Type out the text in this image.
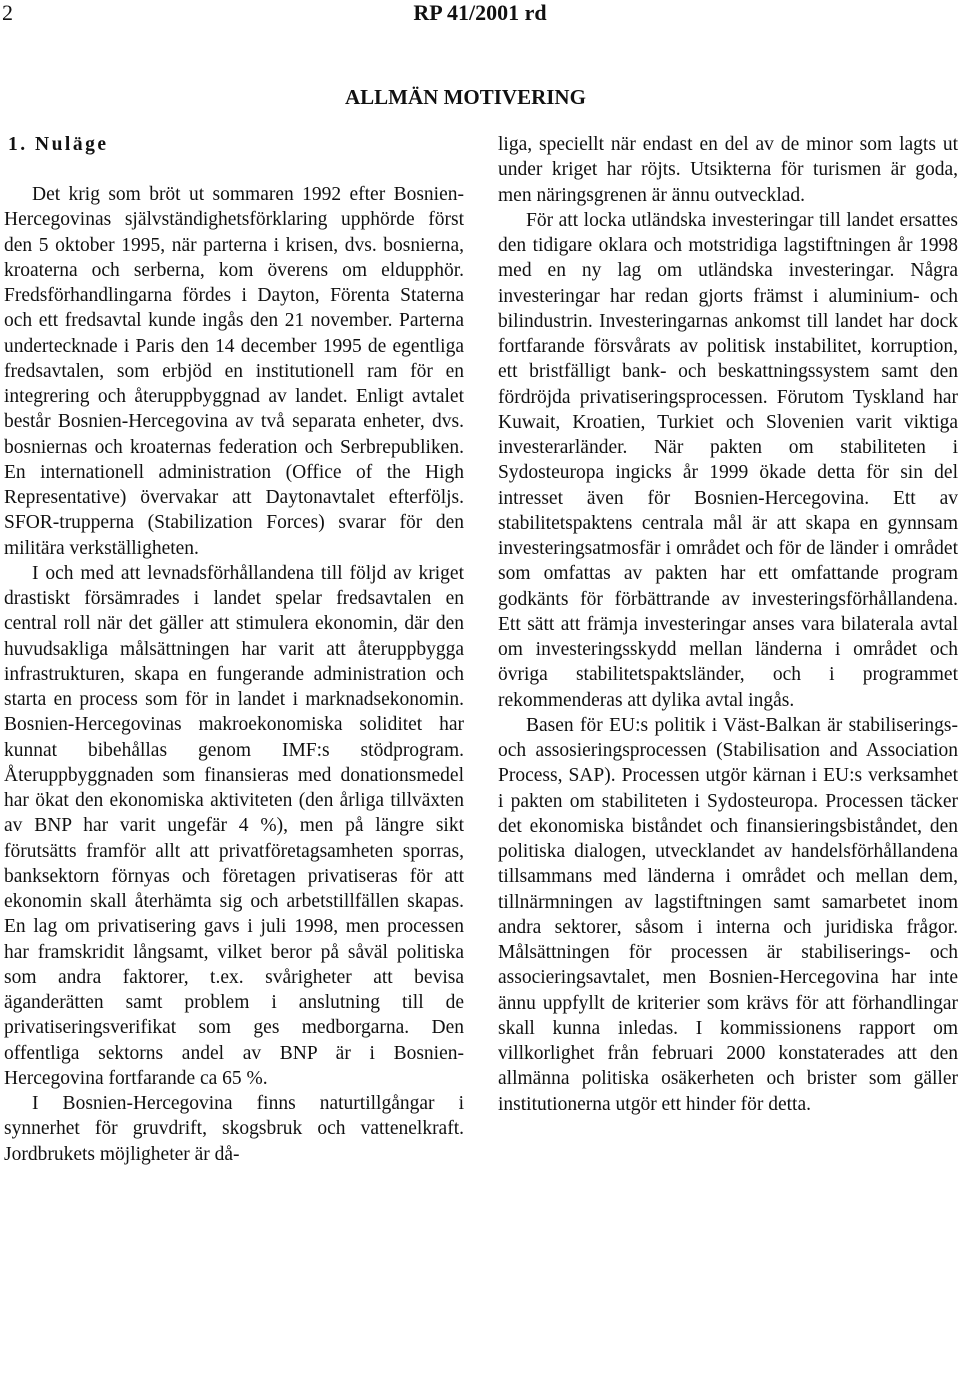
2	RP 41/2001 rd
ALLMÄN MOTIVERING
1. Nuläge

Det krig som bröt ut sommaren 1992 efter Bosnien-Hercegovinas självständighetsförklaring upphörde först den 5 oktober 1995, när parterna i krisen, dvs. bosnierna, kroaterna och serberna, kom överens om eldupphör. Fredsförhandlingarna fördes i Dayton, Förenta Staterna och ett fredsavtal kunde ingås den 21 november. Parterna undertecknade i Paris den 14 december 1995 de egentliga fredsavtalen, som erbjöd en institutionell ram för en integrering och återuppbyggnad av landet. Enligt avtalet består Bosnien-Hercegovina av två separata enheter, dvs. bosniernas och kroaternas federation och Serbrepubliken. En internationell administration (Office of the High Representative) övervakar att Daytonavtalet efterföljs. SFOR-trupperna (Stabilization Forces) svarar för den militära verkställigheten.

I och med att levnadsförhållandena till följd av kriget drastiskt försämrades i landet spelar fredsavtalen en central roll när det gäller att stimulera ekonomin, där den huvudsakliga målsättningen har varit att återuppbygga infrastrukturen, skapa en fungerande administration och starta en process som för in landet i marknadsekonomin. Bosnien-Hercegovinas makroekonomiska soliditet har kunnat bibehållas genom IMF:s stödprogram. Återuppbyggnaden som finansieras med donationsmedel har ökat den ekonomiska aktiviteten (den årliga tillväxten av BNP har varit ungefär 4 %), men på längre sikt förutsätts framför allt att privatföretagsamheten sporras, banksektorn förnyas och företagen privatiseras för att ekonomin skall återhämta sig och arbetstillfällen skapas. En lag om privatisering gavs i juli 1998, men processen har framskridit långsamt, vilket beror på såväl politiska som andra faktorer, t.ex. svårigheter att bevisa äganderätten samt problem i anslutning till de privatiseringsverifikat som ges medborgarna. Den offentliga sektorns andel av BNP är i Bosnien-Hercegovina fortfarande ca 65 %.

I Bosnien-Hercegovina finns naturtillgångar i synnerhet för gruvdrift, skogsbruk och vattenelkraft. Jordbrukets möjligheter är då-

liga, speciellt när endast en del av de minor som lagts ut under kriget har röjts. Utsikterna för turismen är goda, men näringsgrenen är ännu outvecklad.

För att locka utländska investeringar till landet ersattes den tidigare oklara och motstridiga lagstiftningen år 1998 med en ny lag om utländska investeringar. Några investeringar har redan gjorts främst i aluminium- och bilindustrin. Investeringarnas ankomst till landet har dock fortfarande försvårats av politisk instabilitet, korruption, ett bristfälligt bank- och beskattningssystem samt den fördröjda privatiseringsprocessen. Förutom Tyskland har Kuwait, Kroatien, Turkiet och Slovenien varit viktiga investerarländer. När pakten om stabiliteten i Sydosteuropa ingicks år 1999 ökade detta för sin del intresset även för Bosnien-Hercegovina. Ett av stabilitetspaktens centrala mål är att skapa en gynnsam investeringsatmosfär i området och för de länder i området som omfattas av pakten har ett omfattande program godkänts för förbättrande av investeringsförhållandena. Ett sätt att främja investeringar anses vara bilaterala avtal om investeringsskydd mellan länderna i området och övriga stabilitetspaktsländer, och i programmet rekommenderas att dylika avtal ingås.

Basen för EU:s politik i Väst-Balkan är stabiliserings- och assosieringsprocessen (Stabilisation and Association Process, SAP). Processen utgör kärnan i EU:s verksamhet i pakten om stabiliteten i Sydosteuropa. Processen täcker det ekonomiska biståndet och finansieringsbiståndet, den politiska dialogen, utvecklandet av handelsförhållandena tillsammans med länderna i området och mellan dem, tillnärmningen av lagstiftningen samt samarbetet inom andra sektorer, såsom i interna och juridiska frågor. Målsättningen för processen är stabiliserings- och associeringsavtalet, men Bosnien-Hercegovina har inte ännu uppfyllt de kriterier som krävs för att förhandlingar skall kunna inledas. I kommissionens rapport om villkorlighet från februari 2000 konstaterades att den allmänna politiska osäkerheten och brister som gäller institutionerna utgör ett hinder för detta.
